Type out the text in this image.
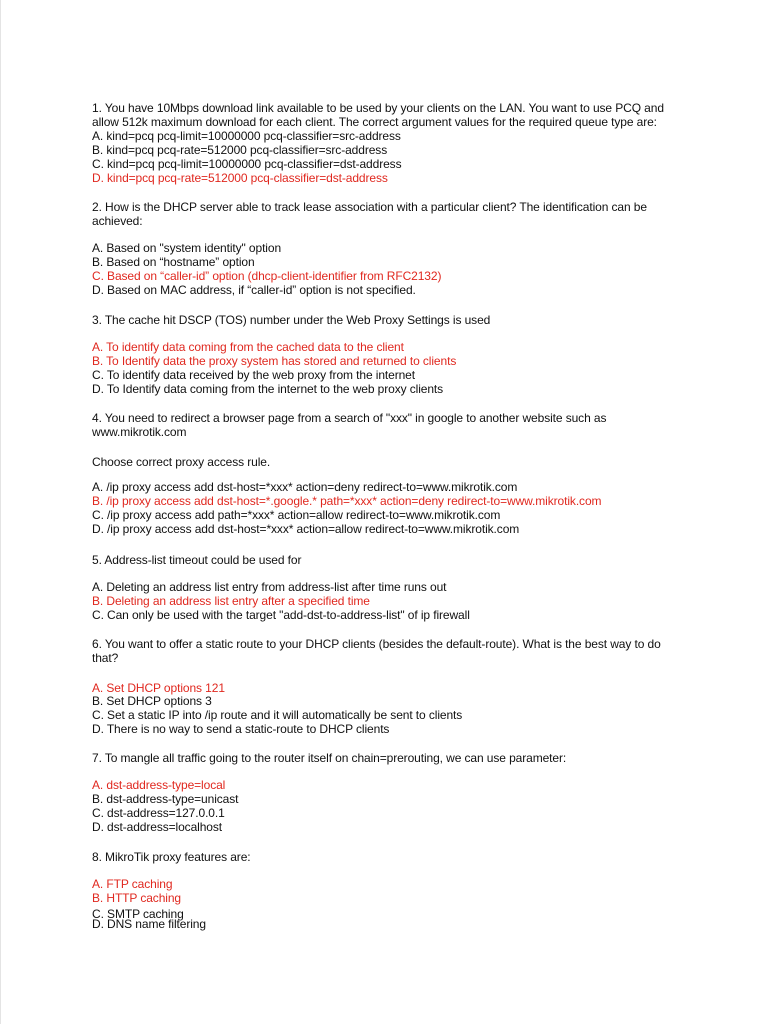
1. You have 10Mbps download link available to be used by your clients on the LAN. You want to use PCQ and
allow 512k maximum download for each client. The correct argument values for the required queue type are:
A. kind=pcq pcq-limit=10000000 pcq-classifier=src-address
B. kind=pcq pcq-rate=512000 pcq-classifier=src-address
C. kind=pcq pcq-limit=10000000 pcq-classifier=dst-address
D. kind=pcq pcq-rate=512000 pcq-classifier=dst-address
2. How is the DHCP server able to track lease association with a particular client? The identification can be
achieved:
A. Based on "system identity" option
B. Based on “hostname” option
C. Based on “caller-id” option (dhcp-client-identifier from RFC2132)
D. Based on MAC address, if “caller-id” option is not specified.
3. The cache hit DSCP (TOS) number under the Web Proxy Settings is used
A. To identify data coming from the cached data to the client
B. To Identify data the proxy system has stored and returned to clients
C. To identify data received by the web proxy from the internet
D. To Identify data coming from the internet to the web proxy clients
4. You need to redirect a browser page from a search of "xxx" in google to another website such as
www.mikrotik.com
Choose correct proxy access rule.
A. /ip proxy access add dst-host=*xxx* action=deny redirect-to=www.mikrotik.com
B. /ip proxy access add dst-host=*.google.* path=*xxx* action=deny redirect-to=www.mikrotik.com
C. /ip proxy access add path=*xxx* action=allow redirect-to=www.mikrotik.com
D. /ip proxy access add dst-host=*xxx* action=allow redirect-to=www.mikrotik.com
5. Address-list timeout could be used for
A. Deleting an address list entry from address-list after time runs out
B. Deleting an address list entry after a specified time
C. Can only be used with the target "add-dst-to-address-list" of ip firewall
6. You want to offer a static route to your DHCP clients (besides the default-route). What is the best way to do
that?
A. Set DHCP options 121
B. Set DHCP options 3
C. Set a static IP into /ip route and it will automatically be sent to clients
D. There is no way to send a static-route to DHCP clients
7. To mangle all traffic going to the router itself on chain=prerouting, we can use parameter:
A. dst-address-type=local
B. dst-address-type=unicast
C. dst-address=127.0.0.1
D. dst-address=localhost
8. MikroTik proxy features are:
A. FTP caching
B. HTTP caching
C. SMTP caching
D. DNS name filtering
